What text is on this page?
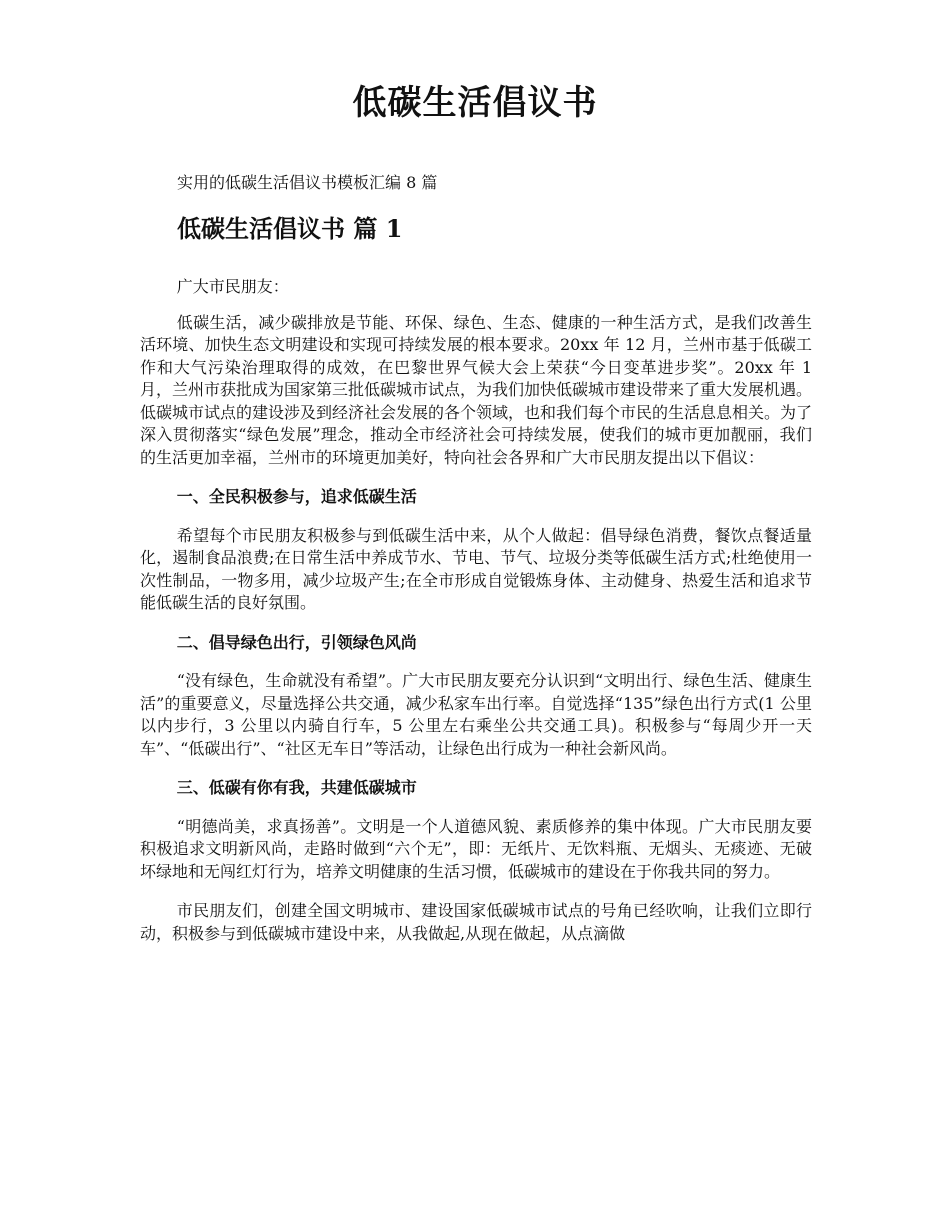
低碳生活倡议书
实用的低碳生活倡议书模板汇编 8 篇
低碳生活倡议书 篇 1

广大市民朋友：

低碳生活，减少碳排放是节能、环保、绿色、生态、健康的一种生活方式，是我们改善生活环境、加快生态文明建设和实现可持续发展的根本要求。20xx 年 12 月，兰州市基于低碳工作和大气污染治理取得的成效，在巴黎世界气候大会上荣获“今日变革进步奖”。20xx 年 1 月，兰州市获批成为国家第三批低碳城市试点，为我们加快低碳城市建设带来了重大发展机遇。低碳城市试点的建设涉及到经济社会发展的各个领域，也和我们每个市民的生活息息相关。为了深入贯彻落实“绿色发展”理念，推动全市经济社会可持续发展，使我们的城市更加靓丽，我们的生活更加幸福，兰州市的环境更加美好，特向社会各界和广大市民朋友提出以下倡议：

一、全民积极参与，追求低碳生活

希望每个市民朋友积极参与到低碳生活中来，从个人做起：倡导绿色消费，餐饮点餐适量化，遏制食品浪费;在日常生活中养成节水、节电、节气、垃圾分类等低碳生活方式;杜绝使用一次性制品，一物多用，减少垃圾产生;在全市形成自觉锻炼身体、主动健身、热爱生活和追求节能低碳生活的良好氛围。

二、倡导绿色出行，引领绿色风尚

“没有绿色，生命就没有希望”。广大市民朋友要充分认识到“文明出行、绿色生活、健康生活”的重要意义，尽量选择公共交通，减少私家车出行率。自觉选择“135”绿色出行方式(1 公里以内步行，3 公里以内骑自行车，5 公里左右乘坐公共交通工具)。积极参与“每周少开一天车”、“低碳出行”、“社区无车日”等活动，让绿色出行成为一种社会新风尚。

三、低碳有你有我，共建低碳城市

“明德尚美，求真扬善”。文明是一个人道德风貌、素质修养的集中体现。广大市民朋友要积极追求文明新风尚，走路时做到“六个无”，即：无纸片、无饮料瓶、无烟头、无痰迹、无破坏绿地和无闯红灯行为，培养文明健康的生活习惯，低碳城市的建设在于你我共同的努力。

市民朋友们，创建全国文明城市、建设国家低碳城市试点的号角已经吹响，让我们立即行动，积极参与到低碳城市建设中来，从我做起,从现在做起，从点滴做
